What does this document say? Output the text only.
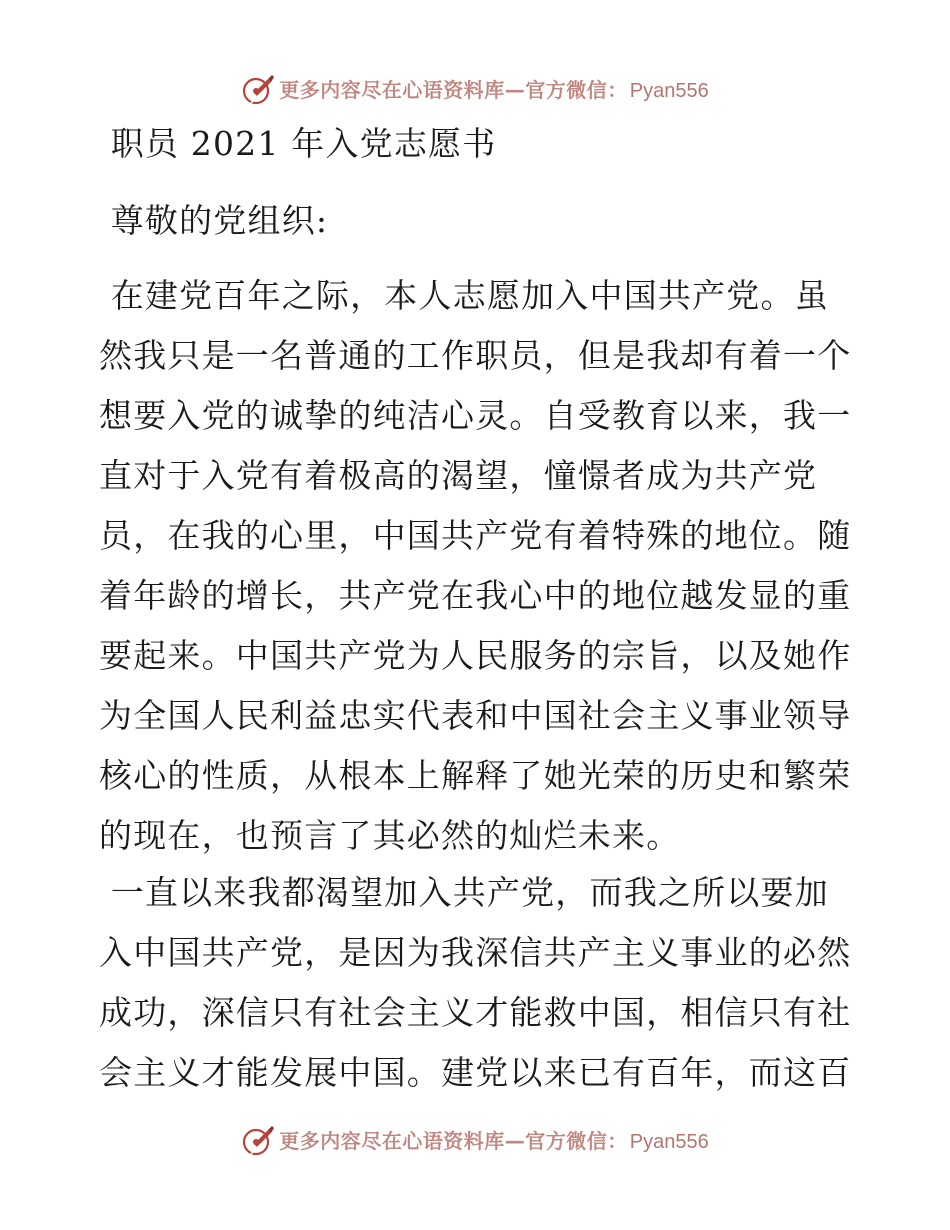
更多内容尽在心语资料库—官方微信： Pyan556
职员 2021 年入党志愿书
尊敬的党组织:
在建党百年之际，本人志愿加入中国共产党。虽
然我只是一名普通的工作职员，但是我却有着一个
想要入党的诚挚的纯洁心灵。自受教育以来，我一
直对于入党有着极高的渴望，憧憬者成为共产党
员，在我的心里，中国共产党有着特殊的地位。随
着年龄的增长，共产党在我心中的地位越发显的重
要起来。中国共产党为人民服务的宗旨，以及她作
为全国人民利益忠实代表和中国社会主义事业领导
核心的性质，从根本上解释了她光荣的历史和繁荣
的现在，也预言了其必然的灿烂未来。
一直以来我都渴望加入共产党，而我之所以要加
入中国共产党，是因为我深信共产主义事业的必然
成功，深信只有社会主义才能救中国，相信只有社
会主义才能发展中国。建党以来已有百年，而这百
更多内容尽在心语资料库—官方微信： Pyan556
